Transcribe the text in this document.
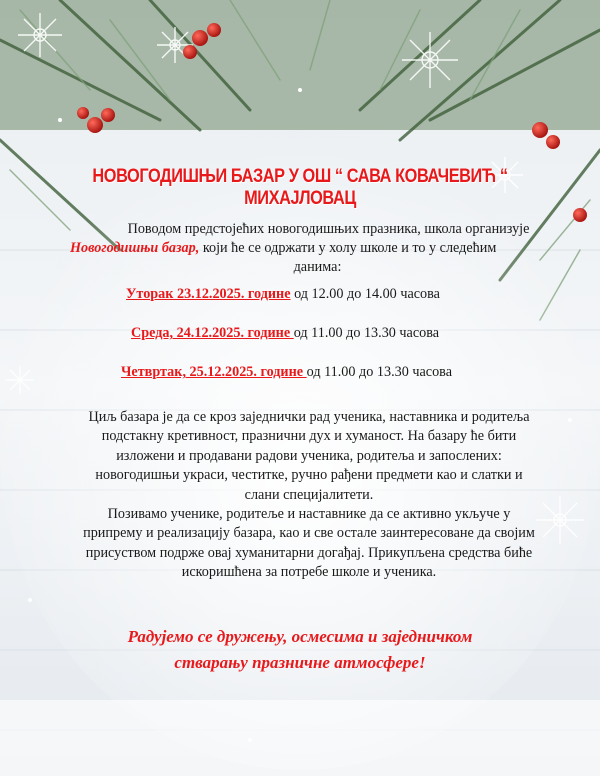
НОВОГОДИШЊИ БАЗАР У ОШ “ САВА КОВАЧЕВИЋ “ МИХАЈЛОВАЦ
Поводом предстојећих новогодишњих празника, школа организује
Новогодишњи базар, који ће се одржати у холу школе и то у следећим
данима:
Уторак 23.12.2025. године од 12.00 до 14.00 часова
Среда, 24.12.2025. године од 11.00 до 13.30 часова
Четвртак, 25.12.2025. године од 11.00 до 13.30 часова
Циљ базара је да се кроз заједнички рад ученика, наставника и родитеља подстакну кретивност, празнични дух и хуманост. На базару ће бити изложени и продавани радови ученика, родитеља и запослених: новогодишњи украси, честитке, ручно рађени предмети као и слатки и слани специјалитети.
Позивамо ученике, родитеље и наставнике да се активно укључе у припрему и реализацију базара, као и све остале заинтересоване да својим присуством подрже овај хуманитарни догађај. Прикупљена средства биће искоришћена за потребе школе и ученика.
Радујемо се дружењу, осмесима и заједничком
стварању празничне атмосфере!
